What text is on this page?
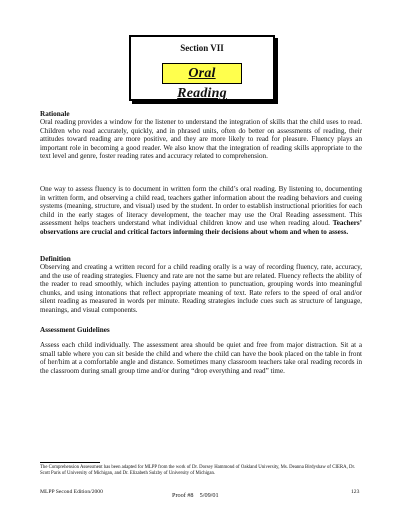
Section VII
Oral Reading
Rationale
Oral reading provides a window for the listener to understand the integration of skills that the child uses to read. Children who read accurately, quickly, and in phrased units, often do better on assessments of reading, their attitudes toward reading are more positive, and they are more likely to read for pleasure. Fluency plays an important role in becoming a good reader. We also know that the integration of reading skills appropriate to the text level and genre, foster reading rates and accuracy related to comprehension.
One way to assess fluency is to document in written form the child’s oral reading. By listening to, documenting in written form, and observing a child read, teachers gather information about the reading behaviors and cueing systems (meaning, structure, and visual) used by the student. In order to establish instructional priorities for each child in the early stages of literacy development, the teacher may use the Oral Reading assessment. This assessment helps teachers understand what individual children know and use when reading aloud. Teachers’ observations are crucial and critical factors informing their decisions about whom and when to assess.
Definition
Observing and creating a written record for a child reading orally is a way of recording fluency, rate, accuracy, and the use of reading strategies. Fluency and rate are not the same but are related. Fluency reflects the ability of the reader to read smoothly, which includes paying attention to punctuation, grouping words into meaningful chunks, and using intonations that reflect appropriate meaning of text. Rate refers to the speed of oral and/or silent reading as measured in words per minute. Reading strategies include cues such as structure of language, meanings, and visual components.
Assessment Guidelines
Assess each child individually. The assessment area should be quiet and free from major distraction. Sit at a small table where you can sit beside the child and where the child can have the book placed on the table in front of her/him at a comfortable angle and distance. Sometimes many classroom teachers take oral reading records in the classroom during small group time and/or during “drop everything and read” time.
The Comprehension Assessment has been adapted for MLPP from the work of Dr. Dorsey Hammond of Oakland University, Ms. Deanna Birdyshaw of CIERA, Dr. Scott Paris of University of Michigan, and Dr. Elizabeth Sulzby of University of Michigan.
MLPP Second Edition/2000	Proof #8    5/09/01	123
